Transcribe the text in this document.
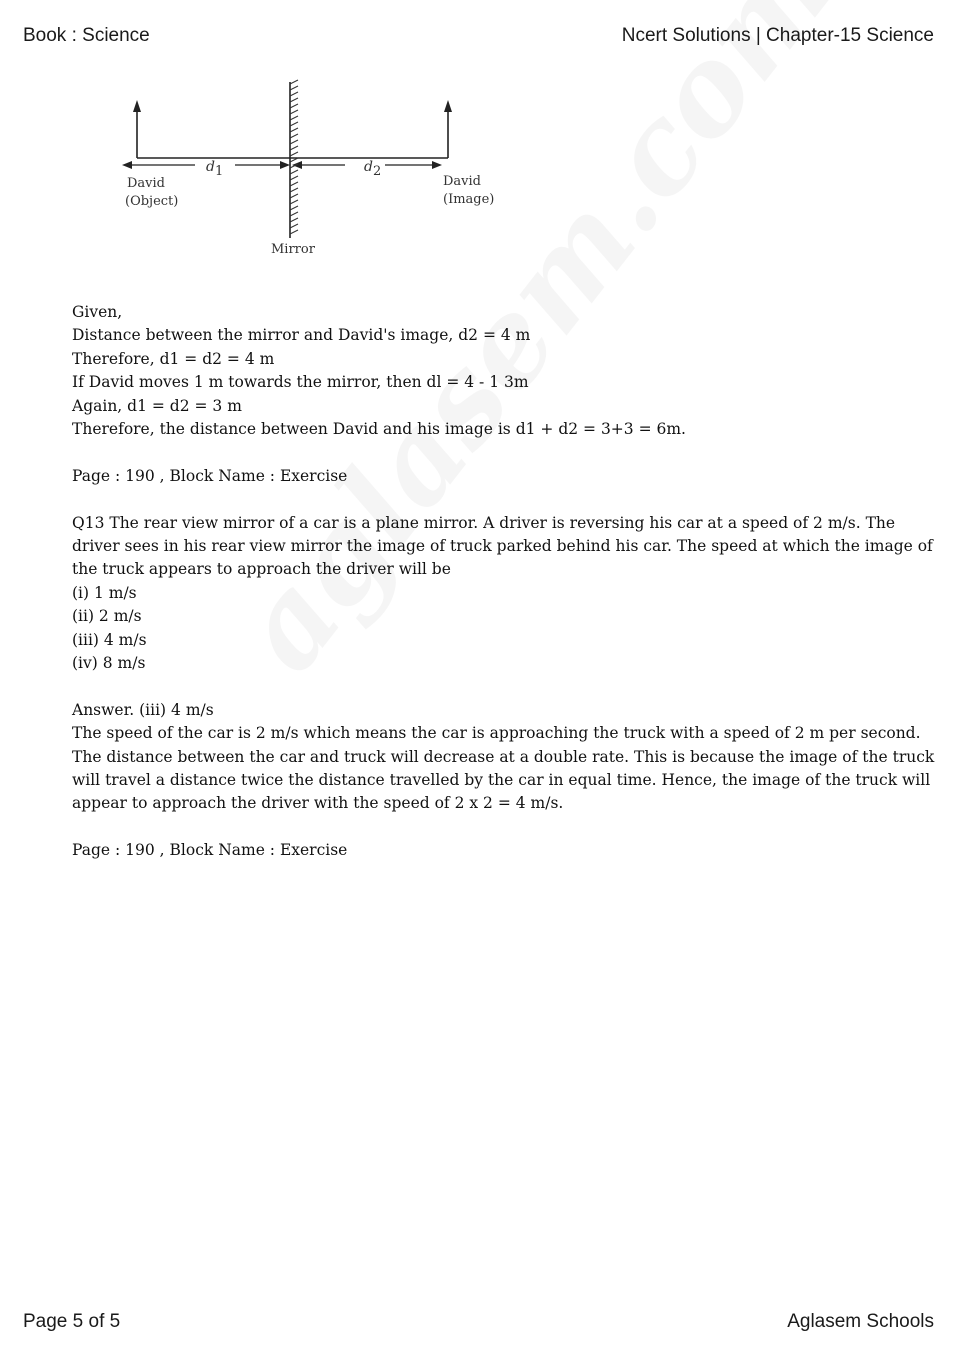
Book : Science	Ncert Solutions | Chapter-15 Science
d 1	d 2
David
(Object)
David
(Image)
Mirror
Given,
Distance between the mirror and David's image, d2 = 4 m
Therefore, d1 = d2 = 4 m
If David moves 1 m towards the mirror, then dl = 4 - 1 3m
Again, d1 = d2 = 3 m
Therefore, the distance between David and his image is d1 + d2 = 3+3 = 6m.
Page : 190 , Block Name : Exercise
Q13 The rear view mirror of a car is a plane mirror. A driver is reversing his car at a speed of 2 m/s. The
driver sees in his rear view mirror the image of truck parked behind his car. The speed at which the image of
the truck appears to approach the driver will be
(i) 1 m/s
(ii) 2 m/s
(iii) 4 m/s
(iv) 8 m/s
Answer. (iii) 4 m/s
The speed of the car is 2 m/s which means the car is approaching the truck with a speed of 2 m per second.
The distance between the car and truck will decrease at a double rate. This is because the image of the truck
will travel a distance twice the distance travelled by the car in equal time. Hence, the image of the truck will
appear to approach the driver with the speed of 2 x 2 = 4 m/s.
Page : 190 , Block Name : Exercise
Page 5 of 5	Aglasem Schools
